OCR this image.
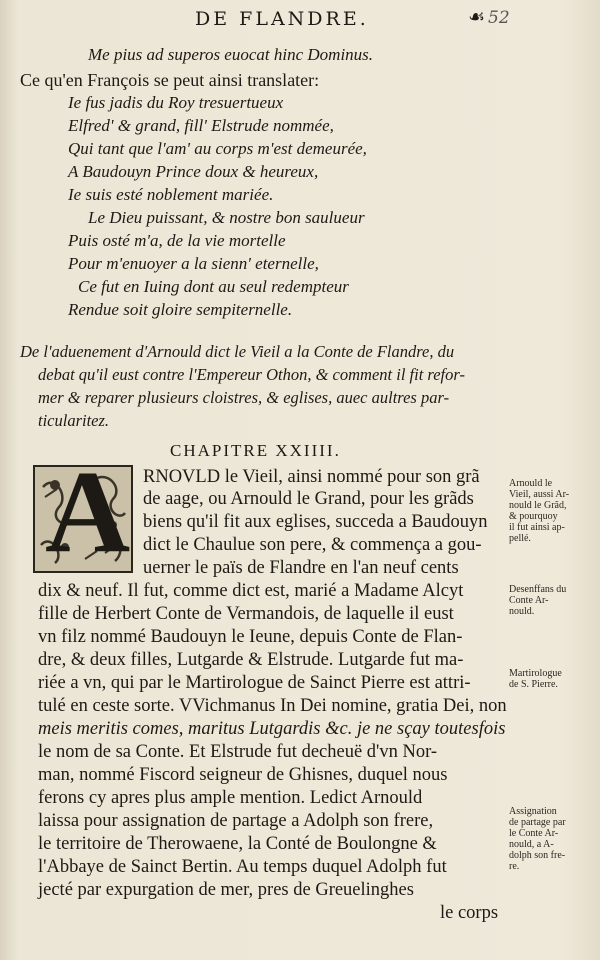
DE FLANDRE.	☙ 52
Me pius ad superos euocat hinc Dominus.
Ce qu'en François se peut ainsi translater:
Ie fus jadis du Roy tresuertueux
Elfred' & grand, fill' Elstrude nommée,
Qui tant que l'am' au corps m'est demeurée,
A Baudouyn Prince doux & heureux,
Ie suis esté noblement mariée.
Le Dieu puissant, & nostre bon saulueur
Puis osté m'a, de la vie mortelle
Pour m'enuoyer a la sienn' eternelle,
Ce fut en Iuing dont au seul redempteur
Rendue soit gloire sempiternelle.
De l'aduenement d'Arnould dict le Vieil a la Conte de Flandre, du
debat qu'il eust contre l'Empereur Othon, & comment il fit refor-
mer & reparer plusieurs cloistres, & eglises, auec aultres par-
ticularitez.
CHAPITRE XXIIII.
A RNOVLD le Vieil, ainsi nommé pour son grã
de aage, ou Arnould le Grand, pour les grãds
biens qu'il fit aux eglises, succeda a Baudouyn
dict le Chaulue son pere, & commença a gou-
uerner le païs de Flandre en l'an neuf cents
dix & neuf. Il fut, comme dict est, marié a Madame Alcyt
fille de Herbert Conte de Vermandois, de laquelle il eust
vn filz nommé Baudouyn le Ieune, depuis Conte de Flan-
dre, & deux filles, Lutgarde & Elstrude. Lutgarde fut ma-
riée a vn, qui par le Martirologue de Sainct Pierre est attri-
tulé en ceste sorte. VVichmanus In Dei nomine, gratia Dei, non
meis meritis comes, maritus Lutgardis &c. je ne sçay toutesfois
le nom de sa Conte. Et Elstrude fut decheuë d'vn Nor-
man, nommé Fiscord seigneur de Ghisnes, duquel nous
ferons cy apres plus ample mention. Ledict Arnould
laissa pour assignation de partage a Adolph son frere,
le territoire de Therowaene, la Conté de Boulongne &
l'Abbaye de Sainct Bertin. Au temps duquel Adolph fut
jecté par expurgation de mer, pres de Greuelinghes
le corps
Arnould le
Vieil, aussi Ar-
nould le Grãd,
& pourquoy
il fut ainsi ap-
pellé.
Desenffans du
Conte Ar-
nould.
Martirologue
de S. Pierre.
Assignation
de partage par
le Conte Ar-
nould, a A-
dolph son fre-
re.
